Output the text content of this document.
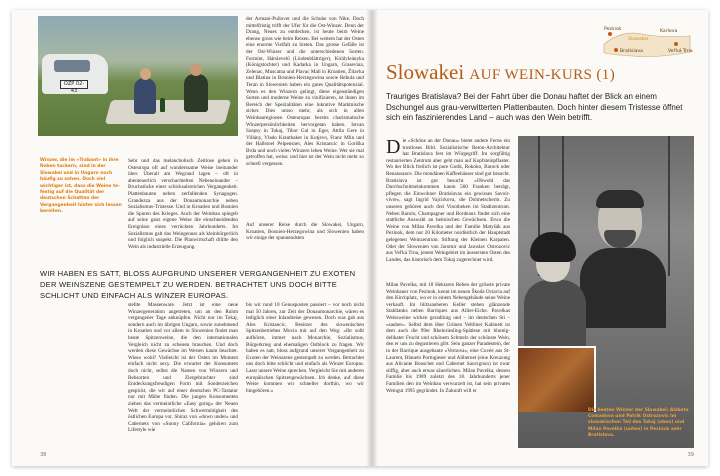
OZP 02-43
Winzer, die im «Trabant» in ihre Reben tuckern, sind in der Slowakei und in Ungarn noch häufig zu sehen. Doch viel wichtiger ist, dass die Weine te-festig auf die Qualität der deutschen Schatten der Vergangenheit hinter sich lassen bereiten.
Sehr und das melancholisch Zeitlose gehen in Osteuropa oft auf wunderssame Weise ineinander über. Überall am Wegrand lagen – oft in abenteuerlich verschachtelten Nebeneinander – Bruchstücke einer schicksalsreichen Vergangenheit. Plattenbauten neben zerfallenden Synagogen. Grandezza aus der Donaumonarchie neben Sozialismus-Tristesse. Und in Kroatien und Bosnien die Spuren des Krieges. Auch der Weinbau spiegelt auf seine ganz eigene Weise die einschneidenden Ereignisse eines verrückten Jahrhunderts. Im Sozialismus galt das Weingenuss als kleinbürgerlich und folglich suspekt. Die Planwirtschaft drillte den Wein als industrielle Erzeugung.
der Armani-Pullover und die Schuhe von Nike. Doch mittelfristig trifft der Ufer für die Ost-Winzer. Denn der Drang, Neues zu entdecken, ist heute beim Weine ebenso gross wie beim Reisen. Bei weitem hat der Osten eine enorme Vielfalt zu bieten. Das grosse Gefälle ist der Ost-Winzer und die unterschiedenen Sorten. Furmint, Hárslevelű (Lindenblättriger), Királyleányka (Königstochter) und Kadarka in Ungarn, Grasevina, Zelenac, Muscatna und Plavac Mali in Kroatien, Žilavka und Blatina in Bosnien-Herzegowina sowie Rebula und Teran in Slowenien haben ein gutes Qualitätspotenzial. Wenn es den Winzern gelingt, diese eigenständigen Sorten und moderne Weine zu vinifizieren, ist ihnen im Bereich der Spezialitäten eine lukrative Marktnische sicher. Dies umso mehr, als sich in allen Weinbauregionen Osteuropas bereits charismatische Winzerpersönlichkeiten hervorgetan haben. Istvan Szepsy in Tokaj, Tibor Gal in Eger, Attila Gere in Villány, Vlado Krauthaker in Kutjevo, Franc Mlin und der Hallstoel Pelpensner, Ales Kristancic in Goriška Brda und noch vielen Winzern leben Weine. Wer sie mal getroffen hat, weiss: und hier ist der Wein nicht mehr so schnell vergessen.
Auf unserer Reise durch die Slowakei, Ungarn, Kroatien, Bosnien-Herzegowina und Slowenien haben wir einige der spannendsten
WIR HABEN ES SATT, BLOSS AUFGRUND UNSERER VERGANGENHEIT ZU EXOTEN DER WEINSZENE GESTEMPELT ZU WERDEN. BETRACHTET UNS DOCH BITTE SCHLICHT UND EINFACH ALS WINZER EUROPAS.
stellte Massenware. Jetzt ist eine neue Winzergeneration angetreten, um an den Ruhm vergangener Tage anknüpfen. Nicht nur im Tokaj, sondern auch im übrigen Ungarn, sowie zunehmend in Kroatien und vor allem in Slowenien findet man heute Spitzenweine, die den internationalen Vergleich nicht zu scheuen brauchen. Und doch werden diese Gewächse im Westen kaum beachtet. Wieso wohl? Vielleicht ist der Osten im Moment einfach nicht sexy. Die erwartet der Konsument doch nicht, selbst die Namen von Winzern und Rebsorten und Ziergebrachter sind Entdeckungsfreudigen Form mit Sonderzeichen gespickt, die wir auf einer deutschen PC-Tastatur nur mit Mühe finden. Die jungen Konsumenten ziehen das vermeintliche «Easy going» der Neuen Welt der vermeintlichen Schwermütigkeit des östlichen Europa vor. Shiraz von «down under» und Cabernets von «Sunny California» gehören zum Lifestyle wie
bis wir rund 10 Genusposten passiert – vor noch nicht mal 50 Jahren, zur Zeit der Donaumonarchie, wären es lediglich einer Inlandreise gewesen. Doch was gab aus Ales Kristancic, Besitzer des slowenischen Spitzenbetriebes Movia mit auf den Weg: «Ihr sollt aufhören, immer nach Monarchie, Sozialismus, Bürgerkrieg und ehemaligen Ostblock zu fragen. Wir haben es satt, bloss aufgrund unserer Vergangenheit zu Exoten der Weinszene gestempelt zu werden. Betrachtet uns doch bitte schlicht und einfach als Winzer Europas. Lasst unsere Weine sprechen. Vergleicht Sie mit anderen europäischen Spitzengewächsen. Ich denke, auf diese Weise kommen wir schneller dorthin, wo wir hingehören.»
38
Pezinok
Slowakei
Bratislava
Karlova
Vel'ká Trna
Slowakei AUF WEIN-KURS (1)
Trauriges Bratislava? Bei der Fahrt über die Donau haftet der Blick an einem Dschungel aus grau-verwitterten Plattenbauten. Doch hinter diesem Tristesse öffnet sich ein faszinierendes Land – auch was den Wein betrifft.
Die «Schöne an der Donau» bietet andere Ferne ein trostloses Bild. Sozialistische Beton-Architektur hat Bratislava fest im Würgegriff. Im sorgfältig restaurierten Zentrum aber geht man auf Kopfsteinpflaster. Wo der Blick freilich ist pure Gotik, Rokoko, Barock oder Renaissance. Die mondänen Kaffeehäuser sind gut besucht. Bratislava ist gut besucht. «Obwohl das Durchschnittseinkommen kaum 500 Franken beträgt, pflegen die Einwohner Bratislavas ein gewisses Savoir-vivre», sagt Ingrid Vajcirkova, die Dolmetscherin. Zu unseren gehören auch drei Vinotheken im Stadtzentrum. Neben Barolo, Champagner und Bordeaux findet sich eine stattliche Auswahl an heimischen Gewächsen. Etwa die Weine von Milan Pavelka und der Familie Matyšák aus Pezinok, dem nur 20 Kilometer nordöstlich der Hauptstadt gelegenen Weinzentrum. Stiftung der Kleinen Karpaten. Oder der Slowenien von Jaromir und Jaroslav Ostrozovic aus Vel'ká Trna, jenem Weingebiet im äussersten Osten des Landes, das historisch dem Tokaj zugerechnet wird.
Milan Pavelka, mit 18 Hektaren Reben der grösste private Weinbauer von Pezinok, kennt im neuen Škoda Octavia auf den Kirchplatz, wo er in einem Nebengebäude seine Weine verkauft. Im blitzsauberen Keller stehen glänzende Stahltanks neben Barriques aus Allier-Eiche. Pavelkas Weissweine wirken geradlinig und – im deutschen Sti – «sauber». Selbst dem über Grünen Veltliner Kabinett ist dem auch die 99er Rheinriesling-Spätlese mit blumig-delikater Frucht und schönem Schmelz der schönste Wein, den er uns zu degustieren gibt. Sein ganzer Paradestein, der in der Barrique ausgebaute «Vernova», eine Cuvée aus St-Laurent, Blauem Portugieser und Alibernet (eine Kreuzung aus Alicante Bouschet und Cabernet Sauvignon) ist zwar süffig, aber auch etwas säuerlichen. Milan Pavelka, dessen Familie bis 1989 zuletzt des 18. Jahrhunderts jener Familien den im Weinbau verwurzelt ist, hat sein privates Weingut 1995 gegründet. In Zukunft will er
Die besten Winzer der Slowakei: Alzbeta Comadova und Patrik Ostrozovic im slowakischen Teil des Tokaj (oben) und Milan Pavelka (unten) in Pezinok sehr Bratislava.
39
